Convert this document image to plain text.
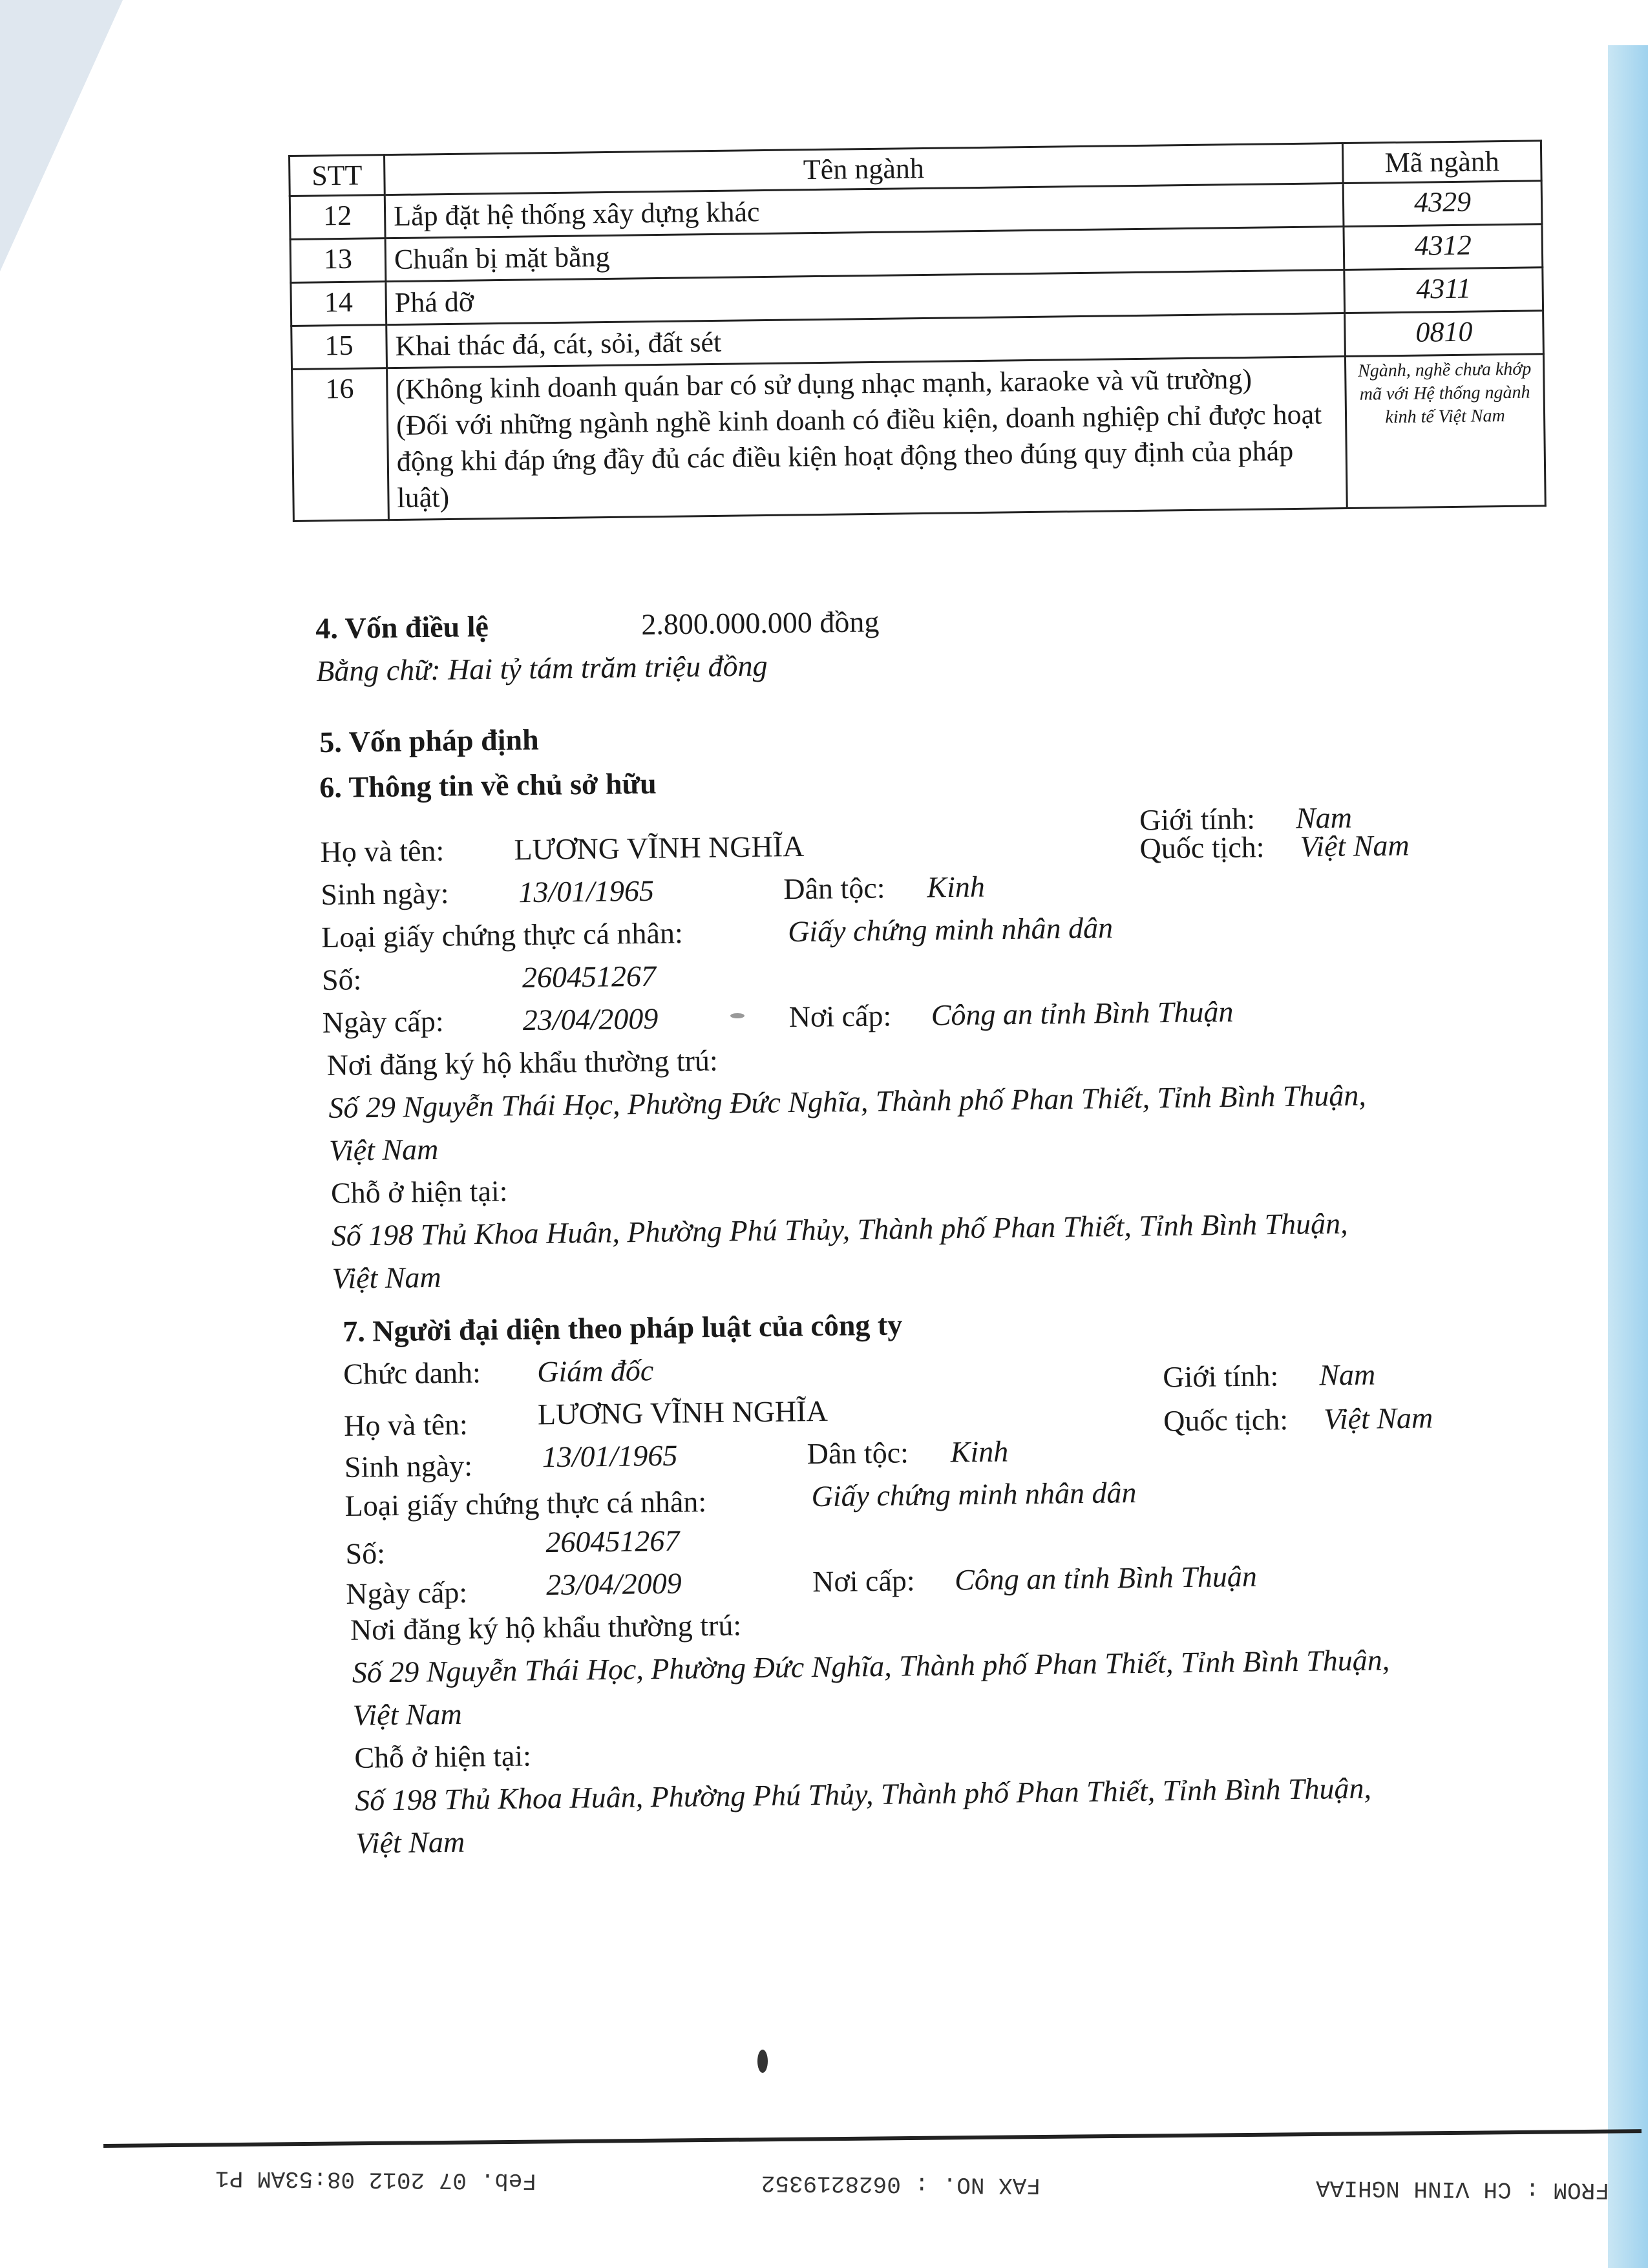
STT	Tên ngành	Mã ngành
12	Lắp đặt hệ thống xây dựng khác	4329
13	Chuẩn bị mặt bằng	4312
14	Phá dỡ	4311
15	Khai thác đá, cát, sỏi, đất sét	0810
16	(Không kinh doanh quán bar có sử dụng nhạc mạnh, karaoke và vũ trường)
(Đối với những ngành nghề kinh doanh có điều kiện, doanh nghiệp chỉ được hoạt động khi đáp ứng đầy đủ các điều kiện hoạt động theo đúng quy định của pháp luật)	Ngành, nghề chưa khớp mã với Hệ thống ngành kinh tế Việt Nam
4. Vốn điều lệ	2.800.000.000 đồng
Bằng chữ: Hai tỷ tám trăm triệu đồng
5. Vốn pháp định
6. Thông tin về chủ sở hữu
Giới tính: Nam
Họ và tên: LƯƠNG VĨNH NGHĨA	Quốc tịch: Việt Nam
Sinh ngày: 13/01/1965	Dân tộc: Kinh
Loại giấy chứng thực cá nhân:	Giấy chứng minh nhân dân
Số:	260451267
Ngày cấp:	23/04/2009	Nơi cấp: Công an tỉnh Bình Thuận
Nơi đăng ký hộ khẩu thường trú:
Số 29 Nguyễn Thái Học, Phường Đức Nghĩa, Thành phố Phan Thiết, Tỉnh Bình Thuận,
Việt Nam
Chỗ ở hiện tại:
Số 198 Thủ Khoa Huân, Phường Phú Thủy, Thành phố Phan Thiết, Tỉnh Bình Thuận,
Việt Nam
7. Người đại diện theo pháp luật của công ty
Chức danh: Giám đốc	Giới tính: Nam
Họ và tên: LƯƠNG VĨNH NGHĨA	Quốc tịch: Việt Nam
Sinh ngày: 13/01/1965	Dân tộc: Kinh
Loại giấy chứng thực cá nhân:	Giấy chứng minh nhân dân
Số:	260451267
Ngày cấp:	23/04/2009	Nơi cấp: Công an tỉnh Bình Thuận
Nơi đăng ký hộ khẩu thường trú:
Số 29 Nguyễn Thái Học, Phường Đức Nghĩa, Thành phố Phan Thiết, Tỉnh Bình Thuận,
Việt Nam
Chỗ ở hiện tại:
Số 198 Thủ Khoa Huân, Phường Phú Thủy, Thành phố Phan Thiết, Tỉnh Bình Thuận,
Việt Nam
FROM : CH VINH NGHIAA
FAX NO. : 0628219352
Feb. 07 2012 08:53AM P1
